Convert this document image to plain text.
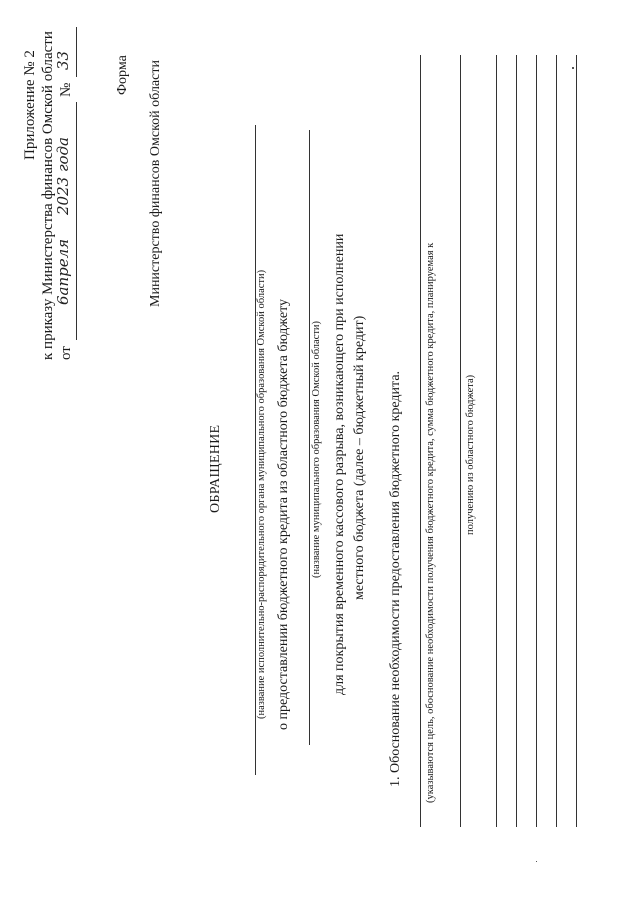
Приложение № 2 к приказу Министерства финансов Омской области от
6апреля
2023 года
№
33	Форма Министерство финансов Омской области
ОБРАЩЕНИЕ	(название исполнительно-распорядительного органа муниципального образования Омской области) о предоставлении бюджетного кредита из областного бюджета бюджету (название муниципального образования Омской области) для покрытия временного кассового разрыва, возникающего при исполнении местного бюджета (далее – бюджетный кредит) 1. Обоснование необходимости предоставления бюджетного кредита. (указываются цель, обоснование необходимости получения бюджетного кредита, сумма бюджетного кредита, планируемая к	получению из областного бюджета)
